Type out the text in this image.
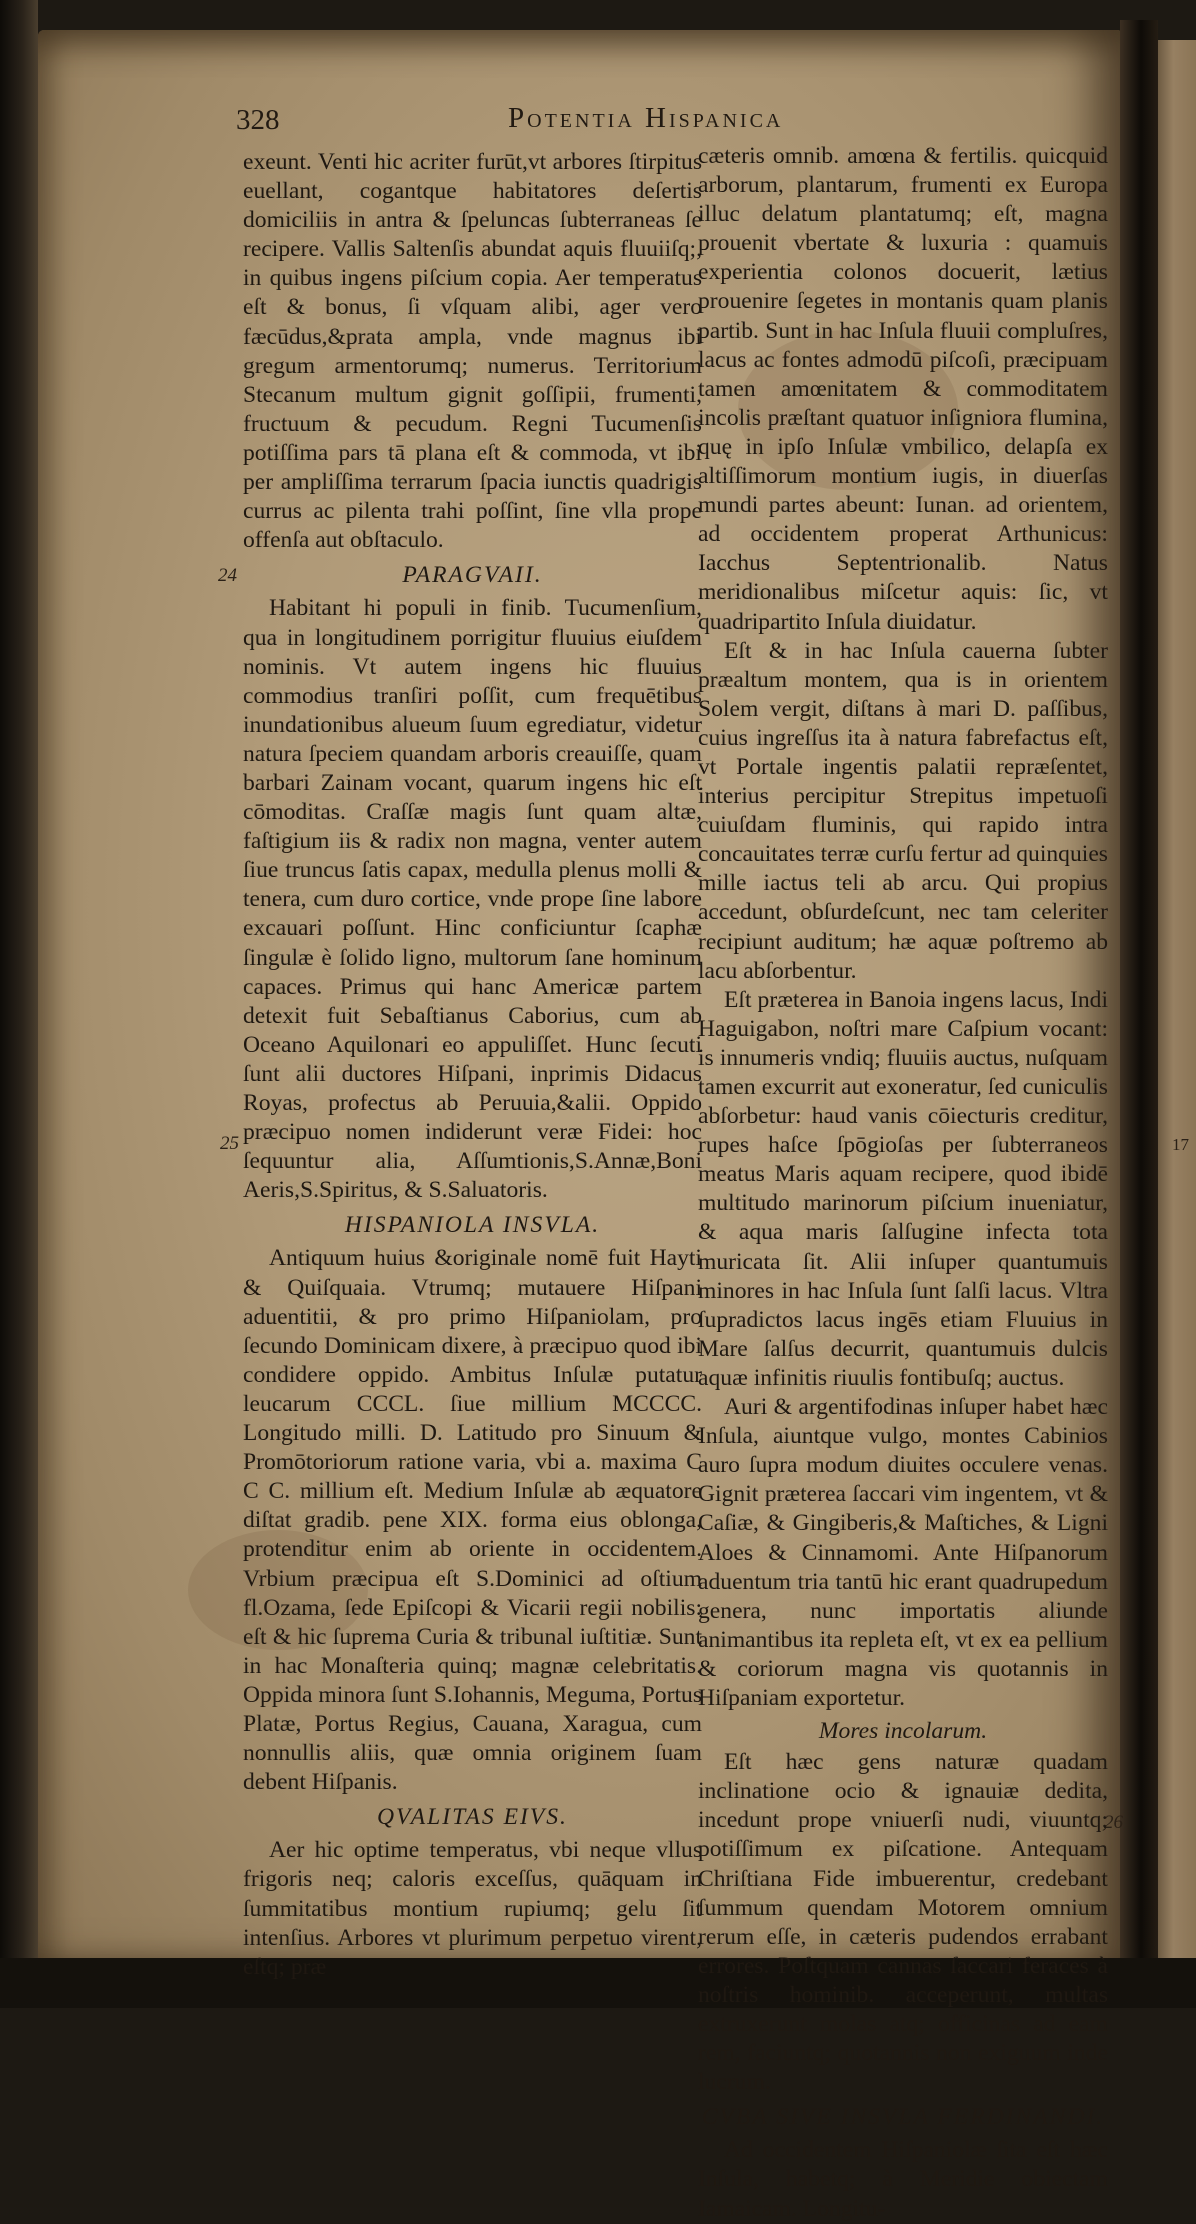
17
328	Potentia Hispanica
24
25
26

exeunt. Venti hic acriter furūt,vt arbores ſtirpitus euellant, cogantque habitatores deſertis domiciliis in antra & ſpeluncas ſubterraneas ſe recipere. Vallis Saltenſis abundat aquis fluuiiſq;, in quibus ingens piſcium copia. Aer temperatus eſt & bonus, ſi vſquam alibi, ager vero fæcūdus,&prata ampla, vnde magnus ibi gregum armentorumq; numerus. Territorium Stecanum multum gignit goſſipii, frumenti, fructuum & pecudum. Regni Tucumenſis potiſſima pars tā plana eſt & commoda, vt ibi per ampliſſima terrarum ſpacia iunctis quadrigis currus ac pilenta trahi poſſint, ſine vlla prope offenſa aut obſtaculo.

PARAGVAII.

Habitant hi populi in finib. Tucumenſium, qua in longitudinem porrigitur fluuius eiuſdem nominis. Vt autem ingens hic fluuius commodius tranſiri poſſit, cum frequētibus inundationibus alueum ſuum egrediatur, videtur natura ſpeciem quandam arboris creauiſſe, quam barbari Zainam vocant, quarum ingens hic eſt cōmoditas. Craſſæ magis ſunt quam altæ, faſtigium iis & radix non magna, venter autem ſiue truncus ſatis capax, medulla plenus molli & tenera, cum duro cortice, vnde prope ſine labore excauari poſſunt. Hinc conficiuntur ſcaphæ ſingulæ è ſolido ligno, multorum ſane hominum capaces. Primus qui hanc Americæ partem detexit fuit Sebaſtianus Caborius, cum ab Oceano Aquilonari eo appuliſſet. Hunc ſecuti ſunt alii ductores Hiſpani, inprimis Didacus Royas, profectus ab Peruuia,&alii. Oppido præcipuo nomen indiderunt veræ Fidei: hoc ſequuntur alia, Aſſumtionis,S.Annæ,Boni Aeris,S.Spiritus, & S.Saluatoris.

HISPANIOLA INSVLA.

Antiquum huius &originale nomē fuit Hayti & Quiſquaia. Vtrumq; mutauere Hiſpani aduentitii, & pro primo Hiſpaniolam, pro ſecundo Dominicam dixere, à præcipuo quod ibi condidere oppido. Ambitus Inſulæ putatur leucarum CCCL. ſiue millium MCCCC. Longitudo milli. D. Latitudo pro Sinuum & Promōtoriorum ratione varia, vbi a. maxima C C C. millium eſt. Medium Inſulæ ab æquatore diſtat gradib. pene XIX. forma eius oblonga, protenditur enim ab oriente in occidentem. Vrbium præcipua eſt S.Dominici ad oſtium fl.Ozama, ſede Epiſcopi & Vicarii regii nobilis: eſt & hic ſuprema Curia & tribunal iuſtitiæ. Sunt in hac Monaſteria quinq; magnæ celebritatis. Oppida minora ſunt S.Iohannis, Meguma, Portus Platæ, Portus Regius, Cauana, Xaragua, cum nonnullis aliis, quæ omnia originem ſuam debent Hiſpanis.

QVALITAS EIVS.

Aer hic optime temperatus, vbi neque vllus frigoris neq; caloris exceſſus, quāquam in ſummitatibus montium rupiumq; gelu ſit intenſius. Arbores vt plurimum perpetuo virent, eſtq; præ

cæteris omnib. amœna & fertilis. quicquid arborum, plantarum, frumenti ex Europa illuc delatum plantatumq; eſt, magna prouenit vbertate & luxuria : quamuis experientia colonos docuerit, lætius prouenire ſegetes in montanis quam planis partib. Sunt in hac Inſula fluuii compluſres, lacus ac fontes admodū piſcoſi, præcipuam tamen amœnitatem & commoditatem incolis præſtant quatuor inſigniora flumina, quę in ipſo Inſulæ vmbilico, delapſa ex altiſſimorum montium iugis, in diuerſas mundi partes abeunt: Iunan. ad orientem, ad occidentem properat Arthunicus: Iacchus Septentrionalib. Natus meridionalibus miſcetur aquis: ſic, vt quadripartito Inſula diuidatur.

Eſt & in hac Inſula cauerna ſubter præaltum montem, qua is in orientem Solem vergit, diſtans à mari D. paſſibus, cuius ingreſſus ita à natura fabrefactus eſt, vt Portale ingentis palatii repræſentet, interius percipitur Strepitus impetuoſi cuiuſdam fluminis, qui rapido intra concauitates terræ curſu fertur ad quinquies mille iactus teli ab arcu. Qui propius accedunt, obſurdeſcunt, nec tam celeriter recipiunt auditum; hæ aquæ poſtremo ab lacu abſorbentur.

Eſt præterea in Banoia ingens lacus, Indi Haguigabon, noſtri mare Caſpium vocant: is innumeris vndiq; fluuiis auctus, nuſquam tamen excurrit aut exoneratur, ſed cuniculis abſorbetur: haud vanis cōiecturis creditur, rupes haſce ſpōgioſas per ſubterraneos meatus Maris aquam recipere, quod ibidē multitudo marinorum piſcium inueniatur, & aqua maris ſalſugine infecta tota muricata ſit. Alii inſuper quantumuis minores in hac Inſula ſunt ſalſi lacus. Vltra ſupradictos lacus ingēs etiam Fluuius in Mare ſalſus decurrit, quantumuis dulcis aquæ infinitis riuulis fontibuſq; auctus.

Auri & argentifodinas inſuper habet hæc Inſula, aiuntque vulgo, montes Cabinios auro ſupra modum diuites occulere venas. Gignit præterea ſaccari vim ingentem, vt & Caſiæ, & Gingiberis,& Maſtiches, & Ligni Aloes & Cinnamomi. Ante Hiſpanorum aduentum tria tantū hic erant quadrupedum genera, nunc importatis aliunde animantibus ita repleta eſt, vt ex ea pellium & coriorum magna vis quotannis in Hiſpaniam exportetur.

Mores incolarum.

Eſt hæc gens naturæ quadam inclinatione ocio & ignauiæ dedita, incedunt prope vniuerſi nudi, viuuntq; potiſſimum ex piſcatione. Antequam Chriſtiana Fide imbuerentur, credebant ſummum quendam Motorem omnium rerum eſſe, in cæteris pudendos errabant errores. Poſtquam cannas ſaccari feraces à noſtris hominib. acceperunt, multas extruxerunt molas atq; officinas ad eam rem, faciuntq; quotannis non exiguum inde lucrum.

CVBA SIVE INSVLA FERDINANDI.

Ad occidentem Hiſpaniolæ ſita eſt hæc Inſula, habetq; à Meridie obiectam Iamaicam. Longitu-
